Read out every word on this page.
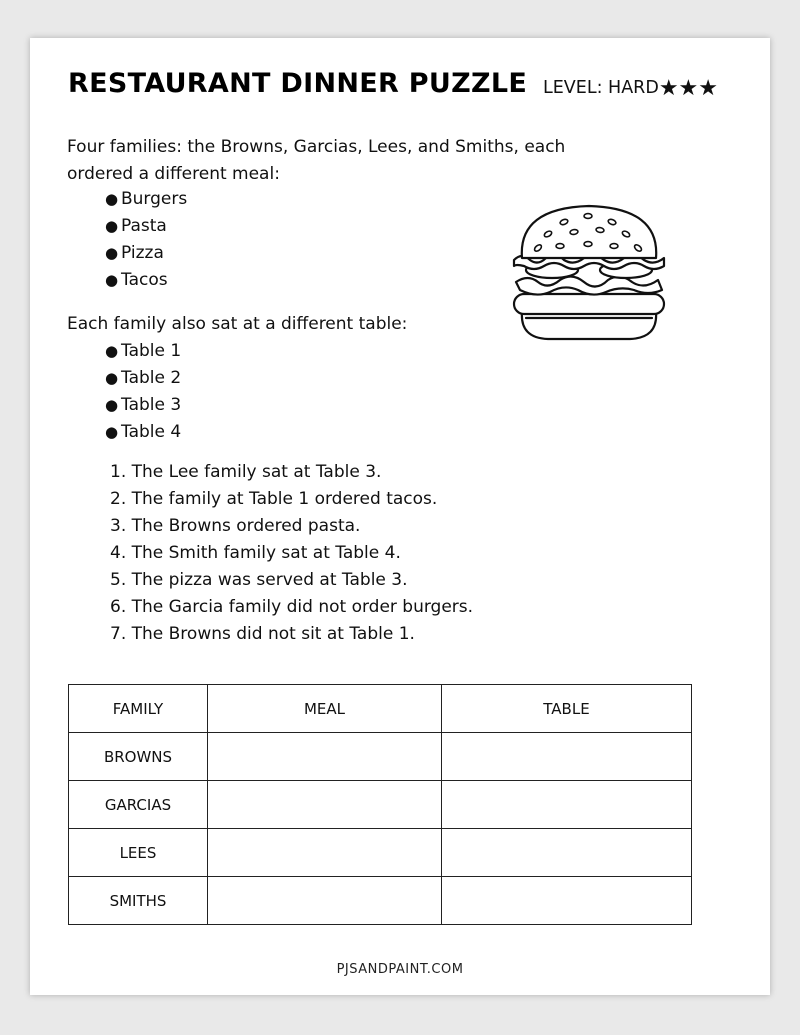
RESTAURANT DINNER PUZZLE LEVEL: HARD★★★
Four families: the Browns, Garcias, Lees, and Smiths, each
ordered a different meal:
● Burgers
● Pasta
● Pizza
● Tacos
Each family also sat at a different table:
● Table 1
● Table 2
● Table 3
● Table 4
1. The Lee family sat at Table 3.
2. The family at Table 1 ordered tacos.
3. The Browns ordered pasta.
4. The Smith family sat at Table 4.
5. The pizza was served at Table 3.
6. The Garcia family did not order burgers.
7. The Browns did not sit at Table 1.
FAMILY	MEAL	TABLE
BROWNS		
GARCIAS		
LEES		
SMITHS		
PJSANDPAINT.COM
